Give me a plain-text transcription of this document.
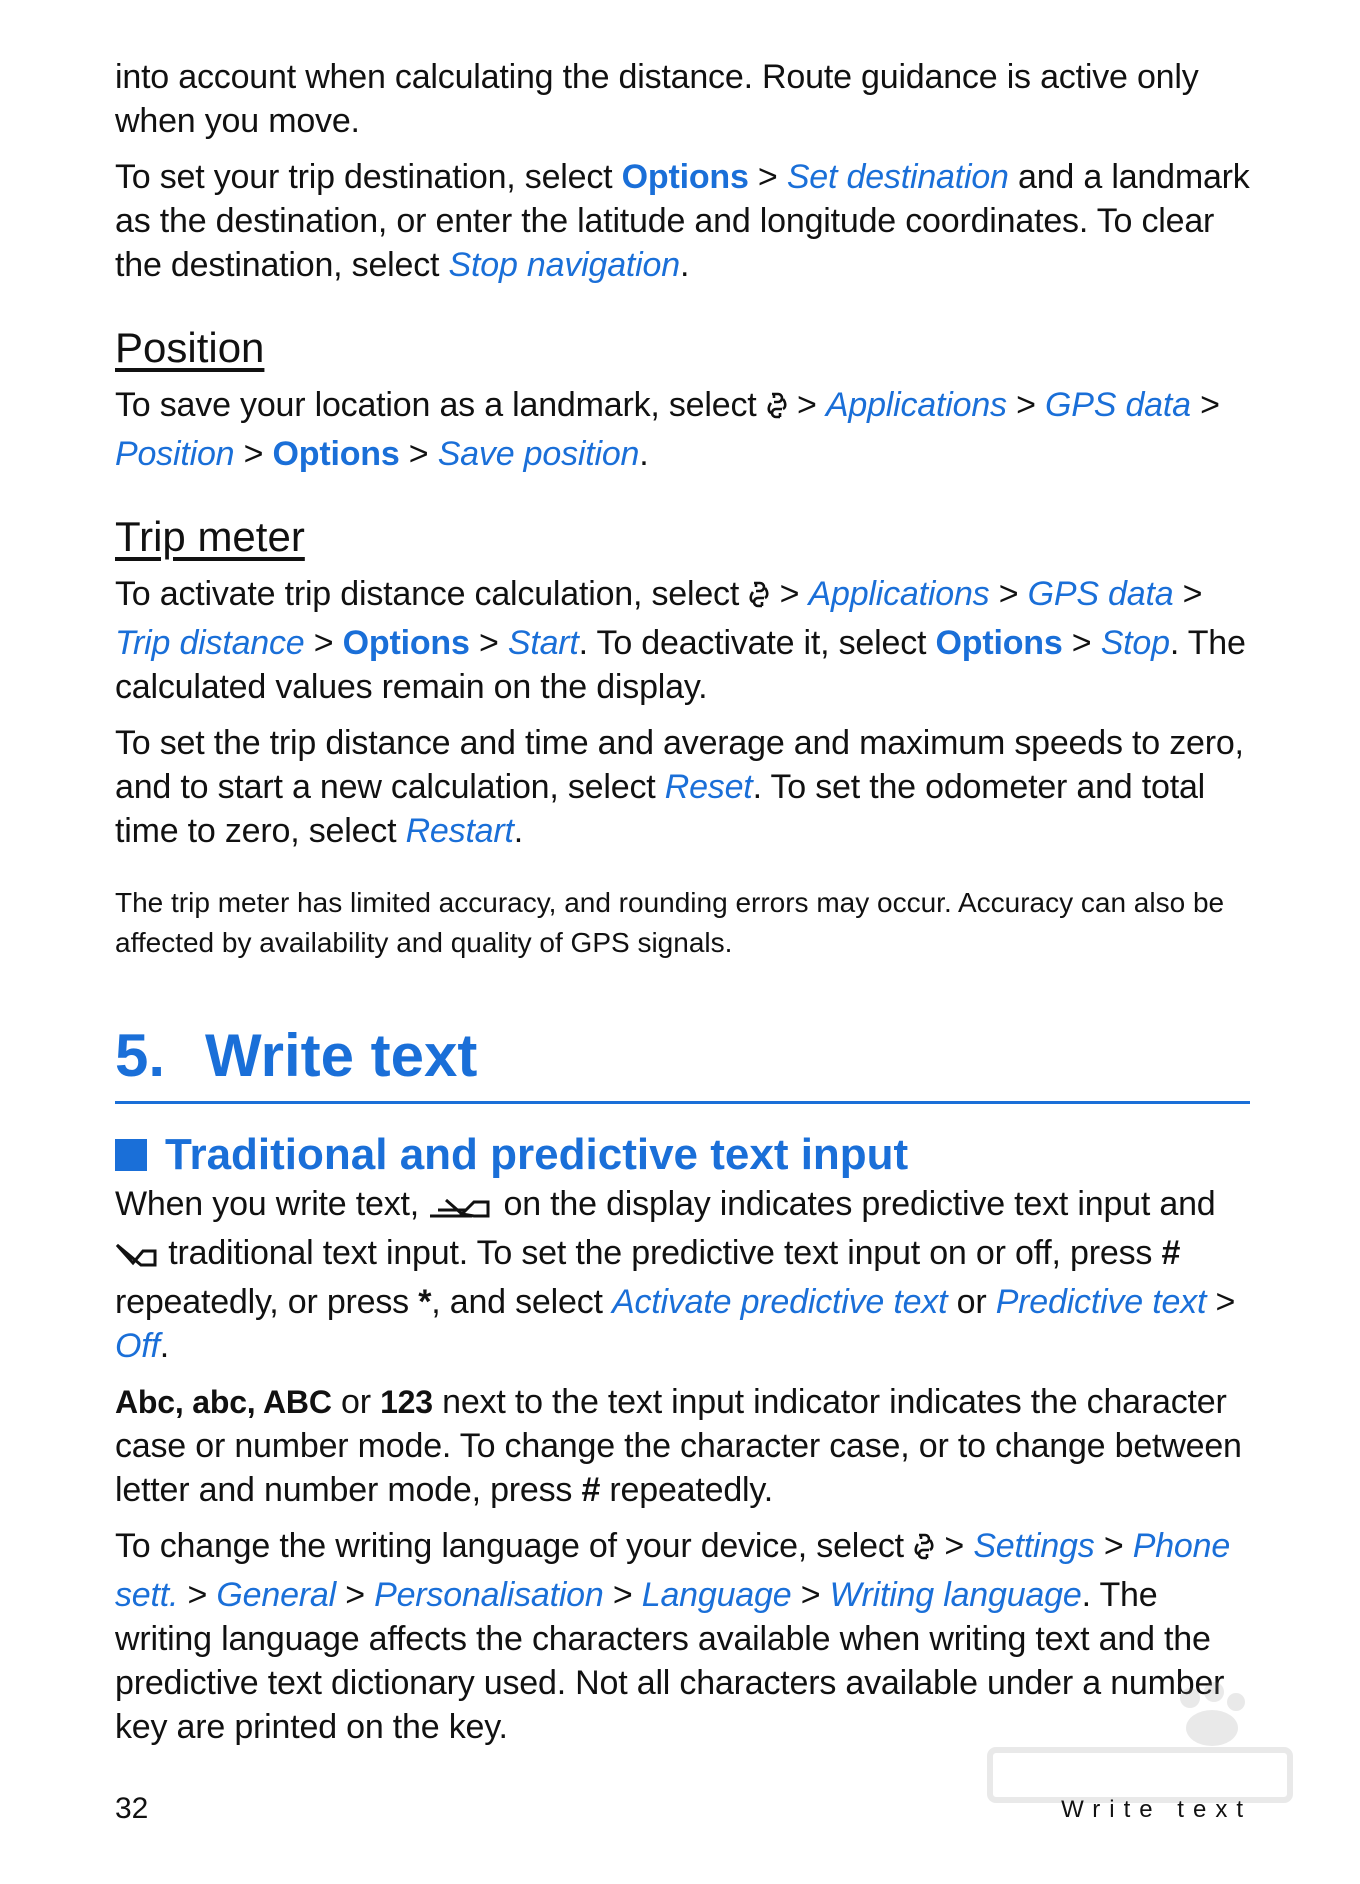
into account when calculating the distance. Route guidance is active only when you move.

To set your trip destination, select Options > Set destination and a landmark as the destination, or enter the latitude and longitude coordinates. To clear the destination, select Stop navigation.

Position

To save your location as a landmark, select  > Applications > GPS data > Position > Options > Save position.

Trip meter

To activate trip distance calculation, select  > Applications > GPS data > Trip distance > Options > Start. To deactivate it, select Options > Stop. The calculated values remain on the display.

To set the trip distance and time and average and maximum speeds to zero, and to start a new calculation, select Reset. To set the odometer and total time to zero, select Restart.

The trip meter has limited accuracy, and rounding errors may occur. Accuracy can also be affected by availability and quality of GPS signals.

5. Write text
Traditional and predictive text input

When you write text,  on the display indicates predictive text input and  traditional text input. To set the predictive text input on or off, press # repeatedly, or press *, and select Activate predictive text or Predictive text > Off.

Abc, abc, ABC or 123 next to the text input indicator indicates the character case or number mode. To change the character case, or to change between letter and number mode, press # repeatedly.

To change the writing language of your device, select  > Settings > Phone sett. > General > Personalisation > Language > Writing language. The writing language affects the characters available when writing text and the predictive text dictionary used. Not all characters available under a number key are printed on the key.

32	Write text
